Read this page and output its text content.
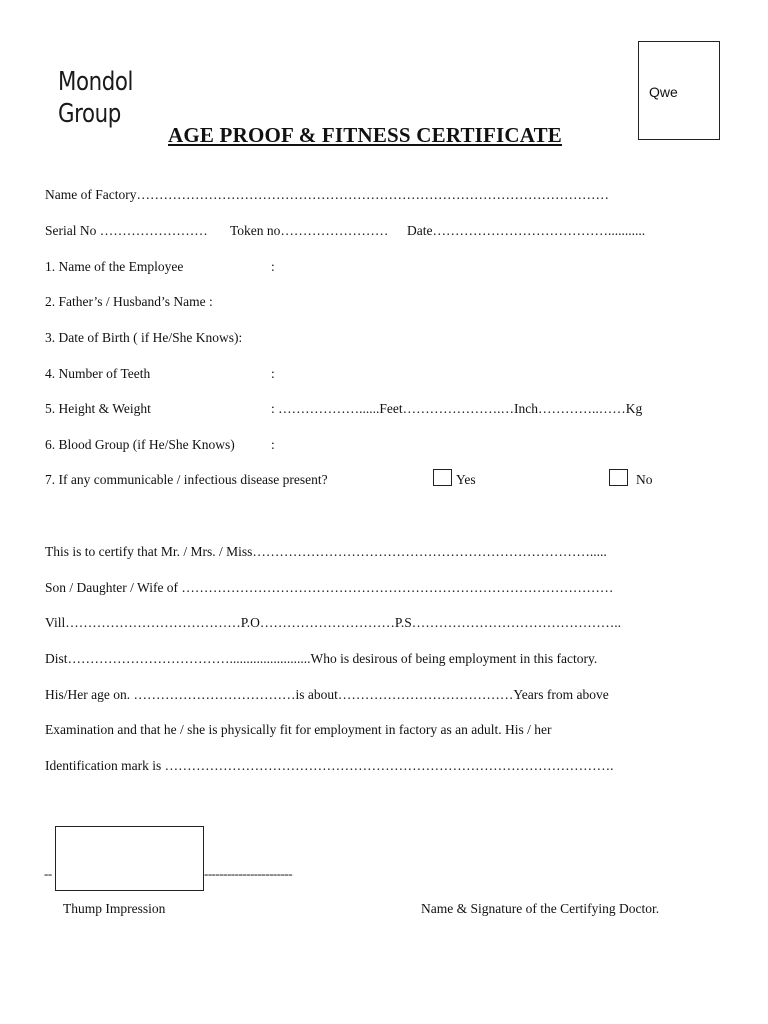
Mondol
Group
Qwe
AGE PROOF & FITNESS CERTIFICATE
Name of Factory……………………………………………………………………………………………
Serial No …………………… Token no…………………… Date…………………………………...........
1. Name of the Employee	:
2. Father’s / Husband’s Name :
3. Date of Birth ( if He/She Knows):
4. Number of Teeth	:
5. Height & Weight	: ………………......Feet………………….…Inch…………..……Kg
6. Blood Group (if He/She Knows)	:
7. If any communicable / infectious disease present?	Yes	No
This is to certify that Mr. / Mrs. / Miss………………………………………………………………….....
Son / Daughter / Wife of ……………………………………………………………………………………
Vill…………………………………P.O…………………………P.S………………………………………..
Dist………………………………........................Who is desirous of being employment in this factory.
His/Her age on. ………………………………is about…………………………………Years from above
Examination and that he / she is physically fit for employment in factory as an adult. His / her
Identification mark is ……………………………………………………………………………………….
--	-----------------------
Thump Impression	Name & Signature of the Certifying Doctor.
